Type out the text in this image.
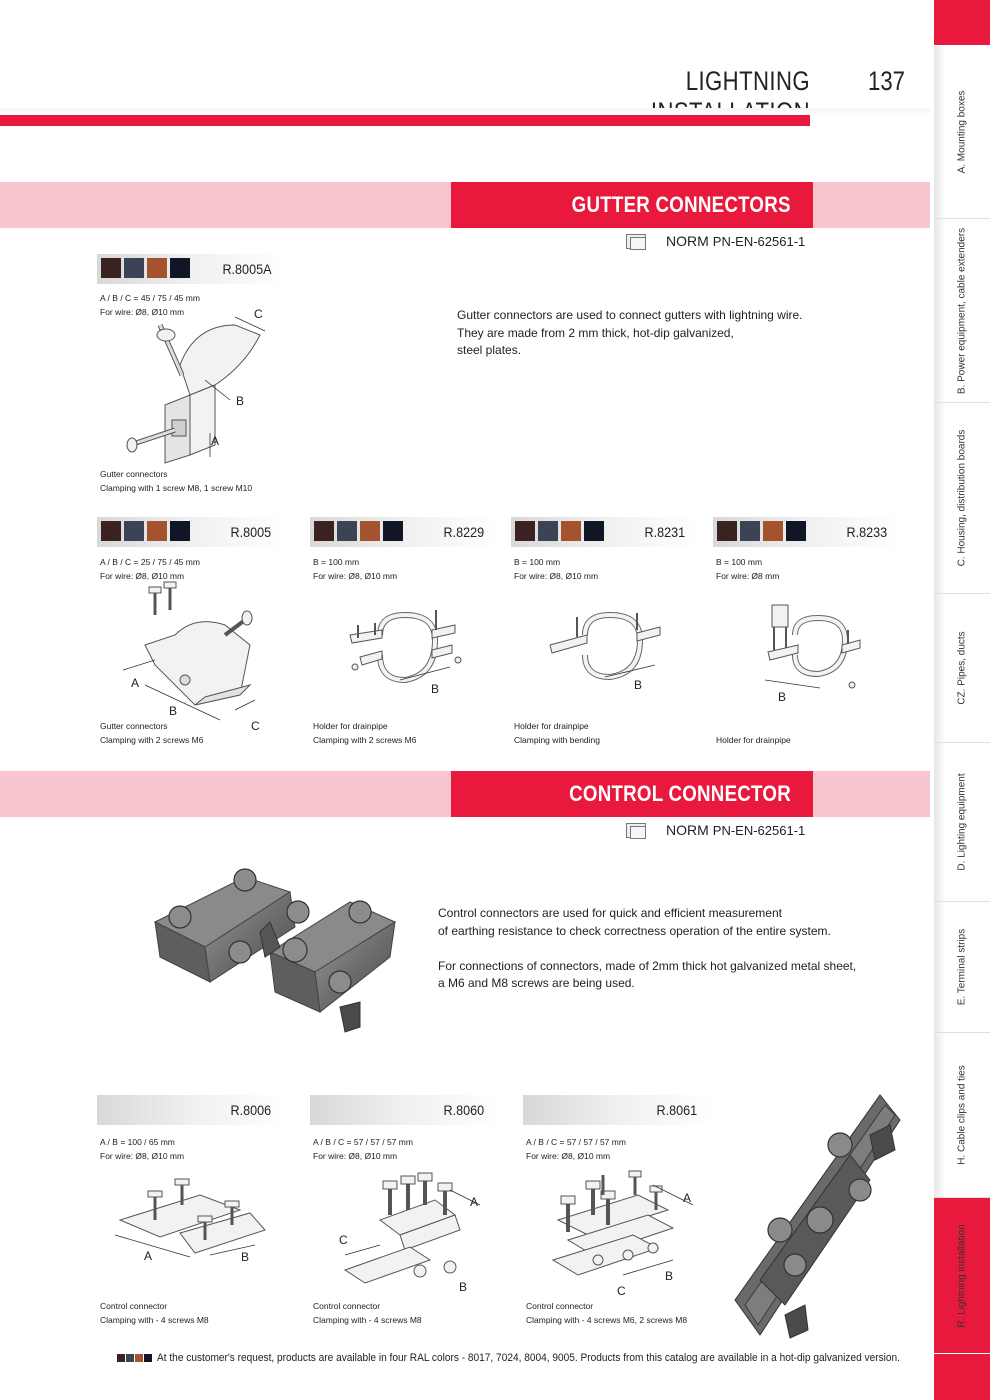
LIGHTNING	137
A. Mounting boxes
B. Power equipment, cable extenders
C. Housing, distribution boards
CZ. Pipes, ducts
D. Lighting equipment
E. Terminal strips
H. Cable clips and ties
R. Lightning installation
GUTTER CONNECTORS
NORM PN-EN-62561-1
R.8005A
A / B / C = 45 / 75 / 45 mm
For wire: Ø8, Ø10 mm	C
B
A
Gutter connectors
Clamping with 1 screw M8, 1 screw M10
Gutter connectors are used to connect gutters with lightning wire.
They are made from 2 mm thick, hot-dip galvanized,
steel plates.
R.8005
A / B / C = 25 / 75 / 45 mm
For wire: Ø8, Ø10 mm
A
B
C
Gutter connectors
Clamping with 2 screws M6
R.8229
B = 100 mm
For wire: Ø8, Ø10 mm
B
Holder for drainpipe
Clamping with 2 screws M6
R.8231
B = 100 mm
For wire: Ø8, Ø10 mm
B
Holder for drainpipe
Clamping with bending
R.8233
B = 100 mm
For wire: Ø8 mm
B
Holder for drainpipe
CONTROL CONNECTOR
NORM PN-EN-62561-1
Control connectors are used for quick and efficient measurement
of earthing resistance to check correctness operation of the entire system.
For connections of connectors, made of 2mm thick hot galvanized metal sheet,
a M6 and M8 screws are being used.
R.8006
A / B = 100 / 65 mm
For wire: Ø8, Ø10 mm
A	B
Control connector
Clamping with - 4 screws M8
R.8060
A / B / C = 57 / 57 / 57 mm
For wire: Ø8, Ø10 mm
A
C
B
Control connector
Clamping with - 4 screws M8
R.8061
A / B / C = 57 / 57 / 57 mm
For wire: Ø8, Ø10 mm
A
B
C
Control connector
Clamping with - 4 screws M6, 2 screws M8
At the customer's request, products are available in four RAL colors - 8017, 7024, 8004, 9005. Products from this catalog are available in a hot-dip galvanized version.
